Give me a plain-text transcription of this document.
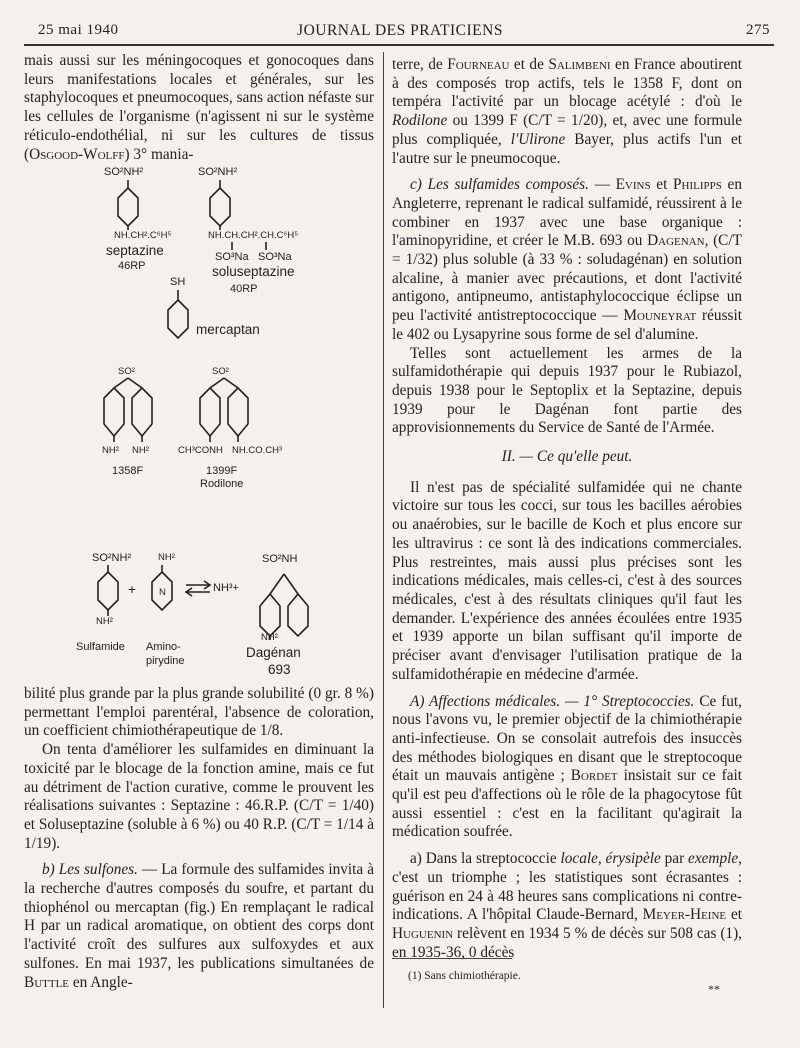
25 mai 1940	JOURNAL DES PRATICIENS	275

mais aussi sur les méningocoques et gonocoques dans leurs manifestations locales et générales, sur les staphylocoques et pneumocoques, sans action néfaste sur les cellules de l'organisme (n'agissent ni sur le système réticulo-endothélial, ni sur les cultures de tissus (Osgood-Wolff) 3° mania-

SO²NH²
NH.CH².C⁶H⁵
septazine
46RP
SO²NH²
NH.CH.CH².CH.C⁶H⁵
SO³Na SO³Na
soluseptazine
40RP
SH
mercaptan
SO²
NH² NH²
1358F
SO²
CH³CONH NH.CO.CH³
1399F
Rodilone
SO²NH²
NH²
Sulfamide
+
NH²
N
Amino-
pirydine
NH³+
SO²NH
NH²
Dagénan
693

bilité plus grande par la plus grande solubilité (0 gr. 8 %) permettant l'emploi parentéral, l'absence de coloration, un coefficient chimiothérapeutique de 1/8.

On tenta d'améliorer les sulfamides en diminuant la toxicité par le blocage de la fonction amine, mais ce fut au détriment de l'action curative, comme le prouvent les réalisations suivantes : Septazine : 46.R.P. (C/T = 1/40) et Soluseptazine (soluble à 6 %) ou 40 R.P. (C/T = 1/14 à 1/19).

b) Les sulfones. — La formule des sulfamides invita à la recherche d'autres composés du soufre, et partant du thiophénol ou mercaptan (fig.) En remplaçant le radical H par un radical aromatique, on obtient des corps dont l'activité croît des sulfures aux sulfoxydes et aux sulfones. En mai 1937, les publications simultanées de Buttle en Angle-

terre, de Fourneau et de Salimbeni en France aboutirent à des composés trop actifs, tels le 1358 F, dont on tempéra l'activité par un blocage acétylé : d'où le Rodilone ou 1399 F (C/T = 1/20), et, avec une formule plus compliquée, l'Ulirone Bayer, plus actifs l'un et l'autre sur le pneumocoque.

c) Les sulfamides composés. — Evins et Philipps en Angleterre, reprenant le radical sulfamidé, réussirent à le combiner en 1937 avec une base organique : l'aminopyridine, et créer le M.B. 693 ou Dagenan, (C/T = 1/32) plus soluble (à 33 % : soludagénan) en solution alcaline, à manier avec précautions, et dont l'activité antigono, antipneumo, antistaphylococcique éclipse un peu l'activité antistreptococcique — Mouneyrat réussit le 402 ou Lysapyrine sous forme de sel d'alumine.

Telles sont actuellement les armes de la sulfamidothérapie qui depuis 1937 pour le Rubiazol, depuis 1938 pour le Septoplix et la Septazine, depuis 1939 pour le Dagénan font partie des approvisionnements du Service de Santé de l'Armée.

II. — Ce qu'elle peut.

Il n'est pas de spécialité sulfamidée qui ne chante victoire sur tous les cocci, sur tous les bacilles aérobies ou anaérobies, sur le bacille de Koch et plus encore sur les ultravirus : ce sont là des indications commerciales. Plus restreintes, mais aussi plus précises sont les indications médicales, mais celles-ci, c'est à des sources médicales, c'est à des résultats cliniques qu'il faut les demander. L'expérience des années écoulées entre 1935 et 1939 apporte un bilan suffisant qu'il importe de préciser avant d'envisager l'utilisation pratique de la sulfamidothérapie en médecine d'armée.

A) Affections médicales. — 1° Streptococcies. Ce fut, nous l'avons vu, le premier objectif de la chimiothérapie anti-infectieuse. On se consolait autrefois des insuccès des méthodes biologiques en disant que le streptocoque était un mauvais antigène ; Bordet insistait sur ce fait qu'il est peu d'affections où le rôle de la phagocytose fût aussi essentiel : c'est en la facilitant qu'agirait la médication soufrée.

a) Dans la streptococcie locale, érysipèle par exemple, c'est un triomphe ; les statistiques sont écrasantes : guérison en 24 à 48 heures sans complications ni contre-indications. A l'hôpital Claude-Bernard, Meyer-Heine et Huguenin relèvent en 1934 5 % de décès sur 508 cas (1), en 1935-36, 0 décès

(1) Sans chimiothérapie.
**
